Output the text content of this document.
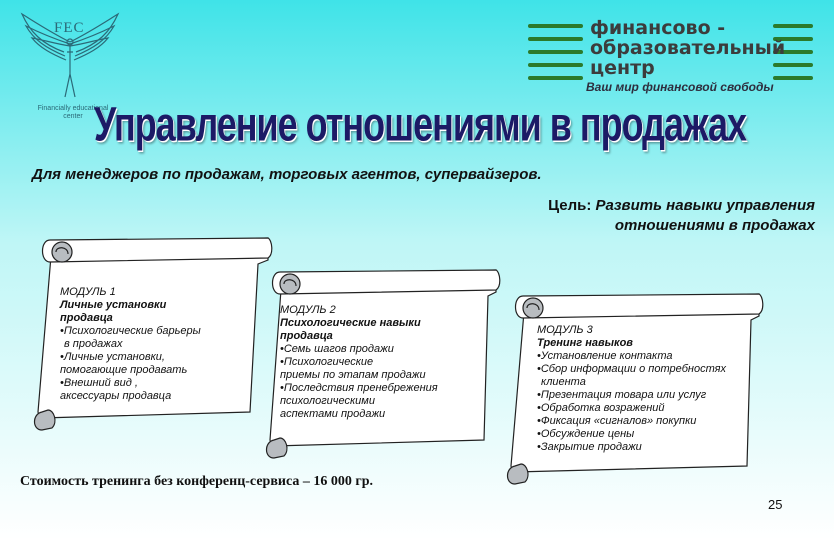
FEC
Financially educational center
финансово -
образовательный
центр
Ваш мир финансовой свободы
Управление отношениями в продажах
Для менеджеров по продажам, торговых агентов, супервайзеров.
Цель: Развить навыки управления
отношениями в продажах
МОДУЛЬ 1
Личные установки
продавца
•Психологические барьеры
в продажах
•Личные установки,
помогающие продавать
•Внешний вид ,
аксессуары продавца
МОДУЛЬ 2
Психологические навыки
продавца
•Семь шагов продажи
•Психологические
приемы по этапам продажи
•Последствия пренебрежения
психологическими
аспектами продажи
МОДУЛЬ 3
Тренинг навыков
•Установление контакта
•Сбор информации о потребностях
клиента
•Презентация товара или услуг
•Обработка возражений
•Фиксация «сигналов» покупки
•Обсуждение цены
•Закрытие продажи
Стоимость тренинга без конференц-сервиса – 16 000 гр.
25
